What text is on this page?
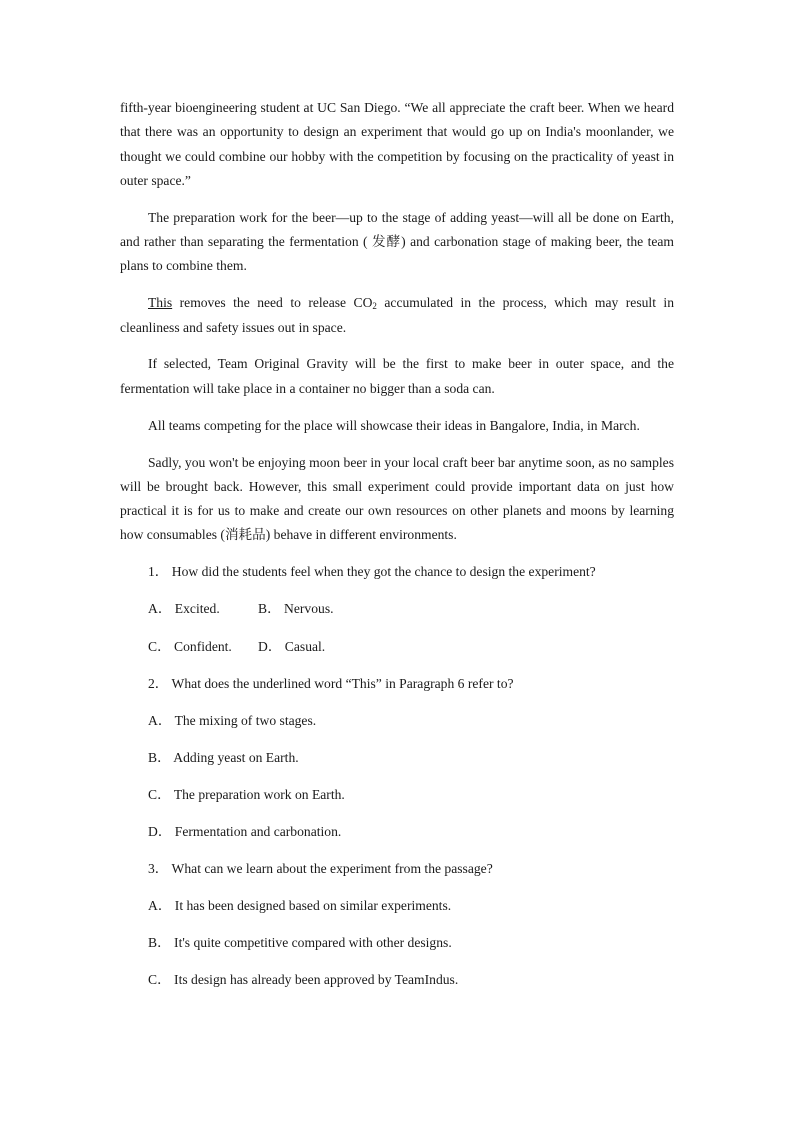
fifth-year bioengineering student at UC San Diego. “We all appreciate the craft beer. When we heard that there was an opportunity to design an experiment that would go up on India's moonlander, we thought we could combine our hobby with the competition by focusing on the practicality of yeast in outer space.”

The preparation work for the beer—up to the stage of adding yeast—will all be done on Earth, and rather than separating the fermentation ( 发酵) and carbonation stage of making beer, the team plans to combine them.

This removes the need to release $CO_2$ accumulated in the process, which may result in cleanliness and safety issues out in space.

If selected, Team Original Gravity will be the first to make beer in outer space, and the fermentation will take place in a container no bigger than a soda can.

All teams competing for the place will showcase their ideas in Bangalore, India, in March.

Sadly, you won't be enjoying moon beer in your local craft beer bar anytime soon, as no samples will be brought back. However, this small experiment could provide important data on just how practical it is for us to make and create our own resources on other planets and moons by learning how consumables (消耗品) behave in different environments.

1． How did the students feel when they got the chance to design the experiment?

A． Excited.	B． Nervous.

C． Confident. D． Casual.

2． What does the underlined word “This” in Paragraph 6 refer to?

A． The mixing of two stages.

B． Adding yeast on Earth.

C． The preparation work on Earth.

D． Fermentation and carbonation.

3． What can we learn about the experiment from the passage?

A． It has been designed based on similar experiments.

B． It's quite competitive compared with other designs.

C． Its design has already been approved by TeamIndus.
